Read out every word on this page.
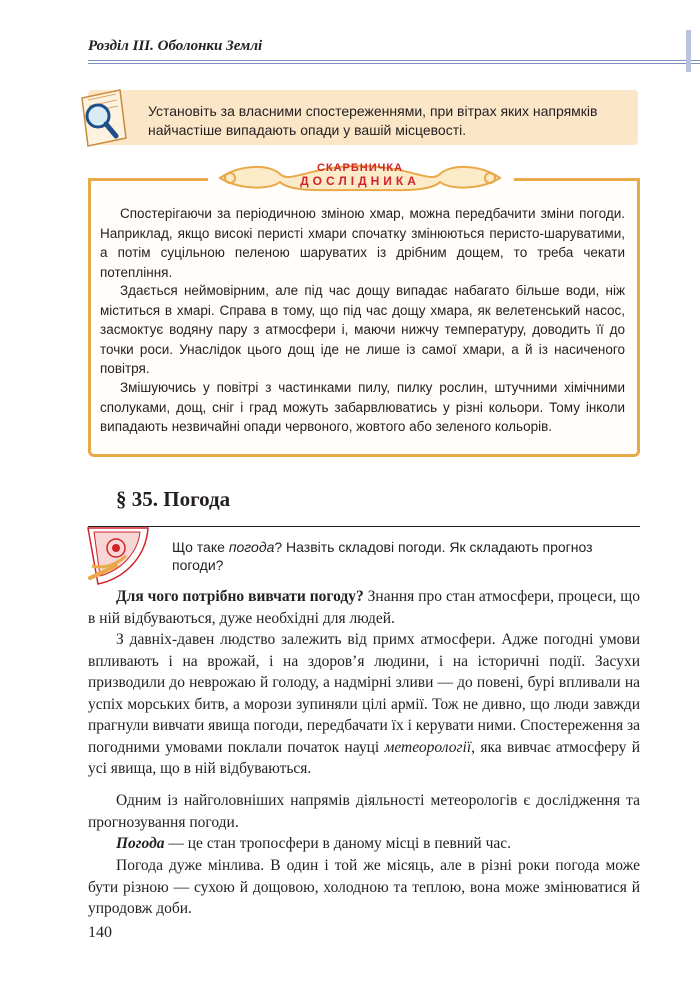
Розділ ІІІ. Оболонки Землі
Установіть за власними спостереженнями, при вітрах яких напрямків найчастіше випадають опади у вашій місцевості.
СКАРБНИЧКА
ДОСЛІДНИКА

Спостерігаючи за періодичною зміною хмар, можна передбачити зміни погоди. Наприклад, якщо високі перисті хмари спочатку змінюються перисто-шаруватими, а потім суцільною пеленою шаруватих із дрібним дощем, то треба чекати потепління.

Здається неймовірним, але під час дощу випадає набагато більше води, ніж міститься в хмарі. Справа в тому, що під час дощу хмара, як велетенський насос, засмоктує водяну пару з атмосфери і, маючи нижчу температуру, доводить її до точки роси. Унаслідок цього дощ іде не лише із самої хмари, а й із насиченого повітря.

Змішуючись у повітрі з частинками пилу, пилку рослин, штучними хімічними сполуками, дощ, сніг і град можуть забарвлюватись у різні кольори. Тому інколи випадають незвичайні опади червоного, жовтого або зеленого кольорів.

§ 35. Погода
Що таке погода? Назвіть складові погоди. Як складають прогноз погоди?

Для чого потрібно вивчати погоду? Знання про стан атмосфери, процеси, що в ній відбуваються, дуже необхідні для людей.

З давніх-давен людство залежить від примх атмосфери. Адже погодні умови впливають і на врожай, і на здоров’я людини, і на історичні події. Засухи призводили до неврожаю й голоду, а надмірні зливи — до повені, бурі впливали на успіх морських битв, а морози зупиняли цілі армії. Тож не дивно, що люди завжди прагнули вивчати явища погоди, передбачати їх і керувати ними. Спостереження за погодними умовами поклали початок науці метеорології, яка вивчає атмосферу й усі явища, що в ній відбуваються.

Одним із найголовніших напрямів діяльності метеорологів є дослідження та прогнозування погоди.

Погода — це стан тропосфери в даному місці в певний час.

Погода дуже мінлива. В один і той же місяць, але в різні роки погода може бути різною — сухою й дощовою, холодною та теплою, вона може змінюватися й упродовж доби.

140
